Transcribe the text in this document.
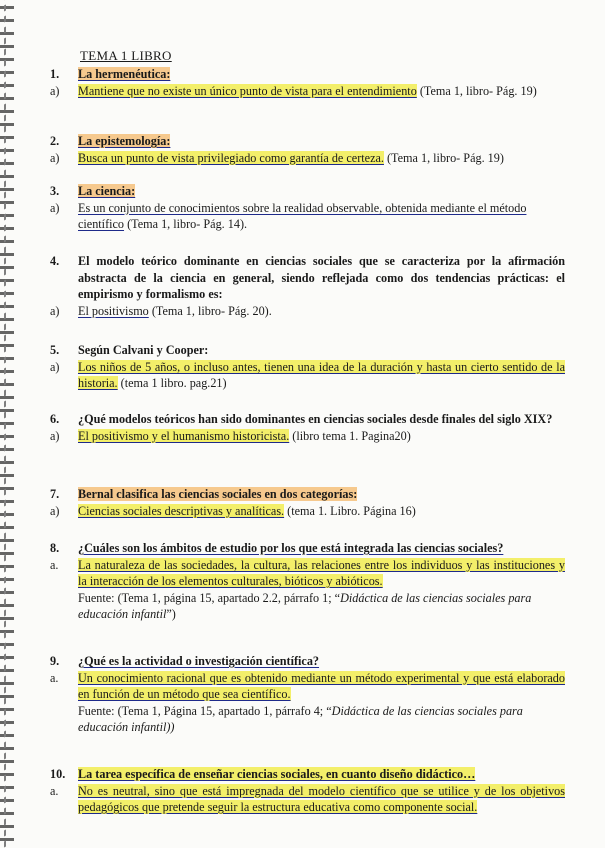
TEMA 1 LIBRO
1.	La hermenéutica:
a)	Mantiene que no existe un único punto de vista para el entendimiento (Tema 1, libro- Pág. 19)
2.	La epistemología:
a)	Busca un punto de vista privilegiado como garantía de certeza. (Tema 1, libro- Pág. 19)
3.	La ciencia:
a)	Es un conjunto de conocimientos sobre la realidad observable, obtenida mediante el método científico (Tema 1, libro- Pág. 14).
4.	El modelo teórico dominante en ciencias sociales que se caracteriza por la afirmación abstracta de la ciencia en general, siendo reflejada como dos tendencias prácticas: el empirismo y formalismo es:
a)	El positivismo (Tema 1, libro- Pág. 20).
5.	Según Calvani y Cooper:
a)	Los niños de 5 años, o incluso antes, tienen una idea de la duración y hasta un cierto sentido de la historia. (tema 1 libro. pag.21)
6.	¿Qué modelos teóricos han sido dominantes en ciencias sociales desde finales del siglo XIX?
a)	El positivismo y el humanismo historicista. (libro tema 1. Pagina20)
7.	Bernal clasifica las ciencias sociales en dos categorías:
a)	Ciencias sociales descriptivas y analíticas. (tema 1. Libro. Página 16)
8.	¿Cuáles son los ámbitos de estudio por los que está integrada las ciencias sociales?
a.	La naturaleza de las sociedades, la cultura, las relaciones entre los individuos y las instituciones y la interacción de los elementos culturales, bióticos y abióticos.
Fuente: (Tema 1, página 15, apartado 2.2, párrafo 1; “Didáctica de las ciencias sociales para educación infantil”)
9.	¿Qué es la actividad o investigación científica?
a.	Un conocimiento racional que es obtenido mediante un método experimental y que está elaborado en función de un método que sea científico.
Fuente: (Tema 1, Página 15, apartado 1, párrafo 4; “Didáctica de las ciencias sociales para educación infantil))
10.	La tarea específica de enseñar ciencias sociales, en cuanto diseño didáctico…
a.	No es neutral, sino que está impregnada del modelo científico que se utilice y de los objetivos pedagógicos que pretende seguir la estructura educativa como componente social.
